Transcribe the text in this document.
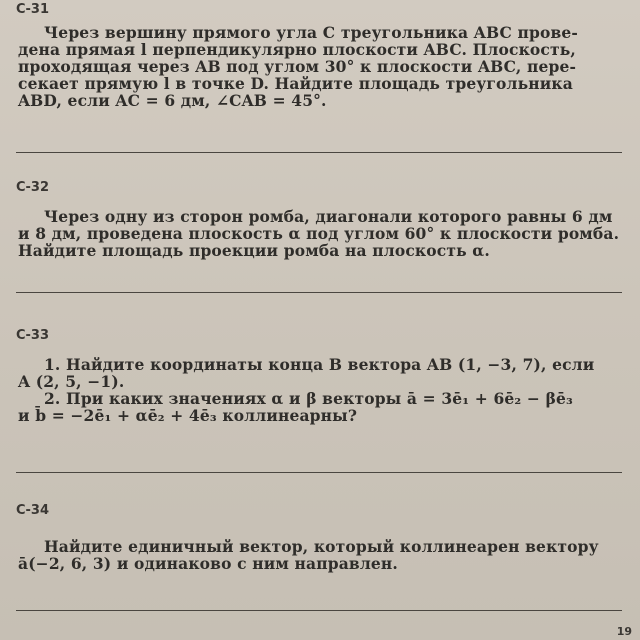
С-31
Через вершину прямого угла C треугольника ABC прове-
дена прямая l перпендикулярно плоскости ABC. Плоскость,
проходящая через AB под углом 30° к плоскости ABC, пере-
секает прямую l в точке D. Найдите площадь треугольника
ABD, если AC = 6 дм, ∠CAB = 45°.
С-32
Через одну из сторон ромба, диагонали которого равны 6 дм
и 8 дм, проведена плоскость α под углом 60° к плоскости ромба.
Найдите площадь проекции ромба на плоскость α.
С-33
1. Найдите координаты конца B вектора AB (1, −3, 7), если
A (2, 5, −1).
2. При каких значениях α и β векторы ā = 3ē₁ + 6ē₂ − βē₃
и b̄ = −2ē₁ + αē₂ + 4ē₃ коллинеарны?
С-34
Найдите единичный вектор, который коллинеарен вектору
ā(−2, 6, 3) и одинаково с ним направлен.
19
